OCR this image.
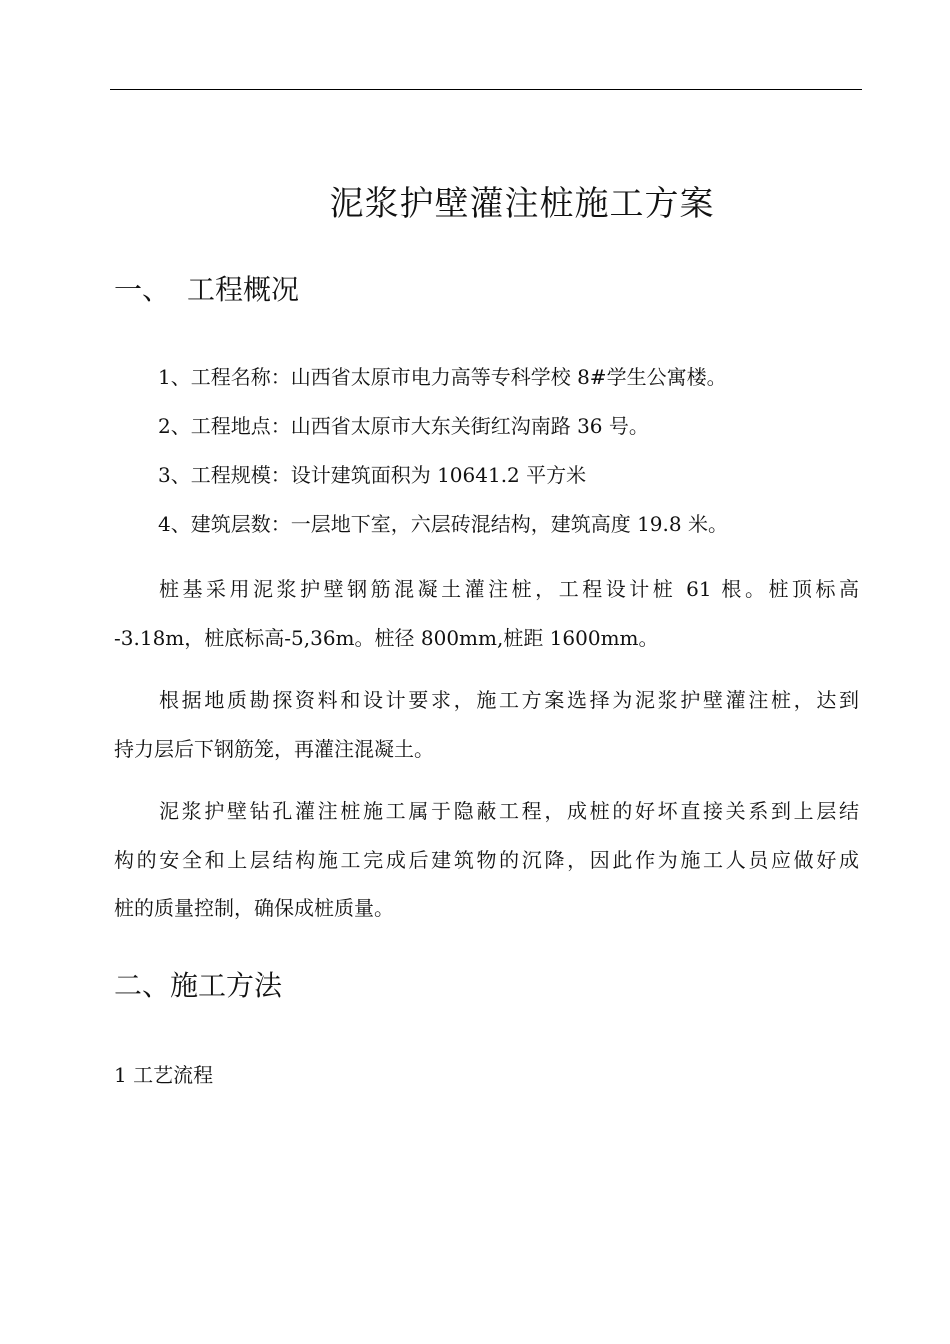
泥浆护壁灌注桩施工方案
一、 工程概况
1、工程名称：山西省太原市电力高等专科学校 8#学生公寓楼。
2、工程地点：山西省太原市大东关街红沟南路 36 号。
3、工程规模：设计建筑面积为 10641.2 平方米
4、建筑层数：一层地下室，六层砖混结构，建筑高度 19.8 米。

桩基采用泥浆护壁钢筋混凝土灌注桩，工程设计桩 61 根。桩顶标高
-3.18m，桩底标高-5,36m。桩径 800mm,桩距 1600mm。

根据地质勘探资料和设计要求，施工方案选择为泥浆护壁灌注桩，达到
持力层后下钢筋笼，再灌注混凝土。

泥浆护壁钻孔灌注桩施工属于隐蔽工程，成桩的好坏直接关系到上层结
构的安全和上层结构施工完成后建筑物的沉降，因此作为施工人员应做好成
桩的质量控制，确保成桩质量。

二、施工方法
1 工艺流程
